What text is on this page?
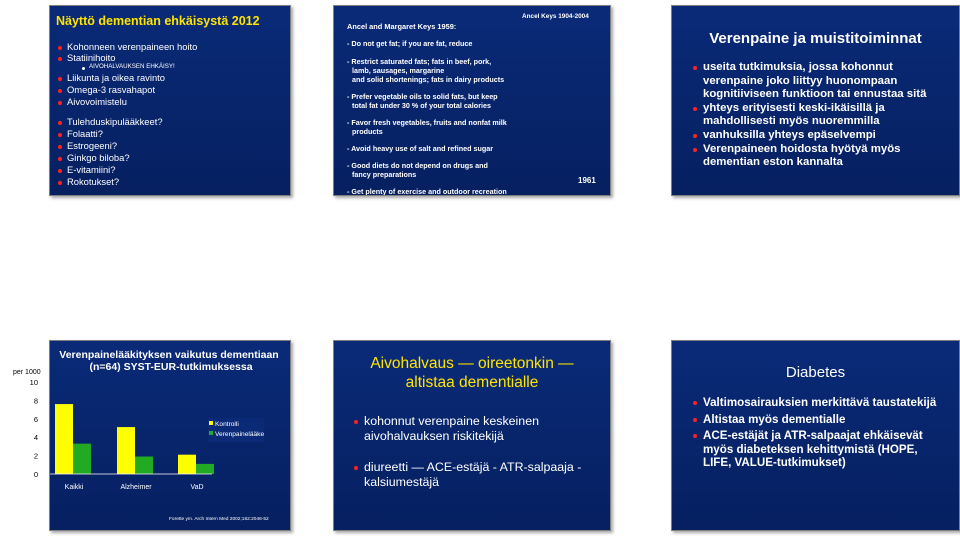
Näyttö dementian ehkäisystä 2012
Kohonneen verenpaineen hoito
Statiinihoito
AIVOHALVAUKSEN EHKÄISY!
Liikunta ja oikea ravinto
Omega-3 rasvahapot
Aivovoimistelu
Tulehduskipulääkkeet?
Folaatti?
Estrogeeni?
Ginkgo biloba?
E-vitamiini?
Rokotukset?
Ancel and Margaret Keys 1959:
Ancel Keys 1904-2004
1961
- Do not get fat; if you are fat, reduce
- Restrict saturated fats; fats in beef, pork,
lamb, sausages, margarine
and solid shortenings; fats in dairy products
- Prefer vegetable oils to solid fats, but keep
total fat under 30 % of your total calories
- Favor fresh vegetables, fruits and nonfat milk
products
- Avoid heavy use of salt and refined sugar
- Good diets do not depend on drugs and
fancy preparations
- Get plenty of exercise and outdoor recreation
Verenpaine ja muistitoiminnat
useita tutkimuksia, jossa kohonnut
verenpaine joko liittyy huonompaan
kognitiiviseen funktioon tai ennustaa sitä
yhteys erityisesti keski-ikäisillä ja
mahdollisesti myös nuoremmilla
vanhuksilla yhteys epäselvempi
Verenpaineen hoidosta hyötyä myös
dementian eston kannalta
Verenpainelääkityksen vaikutus dementiaan
(n=64) SYST-EUR-tutkimuksessa
Forette ym. Arch Intern Med 2002;162:2046-52
per 1000
0
2
4
6
8
10
Kaikki	Alzheimer	VaD
Kontrolli
Verenpainelääke
Aivohalvaus — oireetonkin —
altistaa dementialle
kohonnut verenpaine keskeinen
aivohalvauksen riskitekijä
diureetti — ACE-estäjä - ATR-salpaaja -
kalsiumestäjä
Diabetes
Valtimosairauksien merkittävä taustatekijä
Altistaa myös dementialle
ACE-estäjät ja ATR-salpaajat ehkäisevät
myös diabeteksen kehittymistä (HOPE,
LIFE, VALUE-tutkimukset)
